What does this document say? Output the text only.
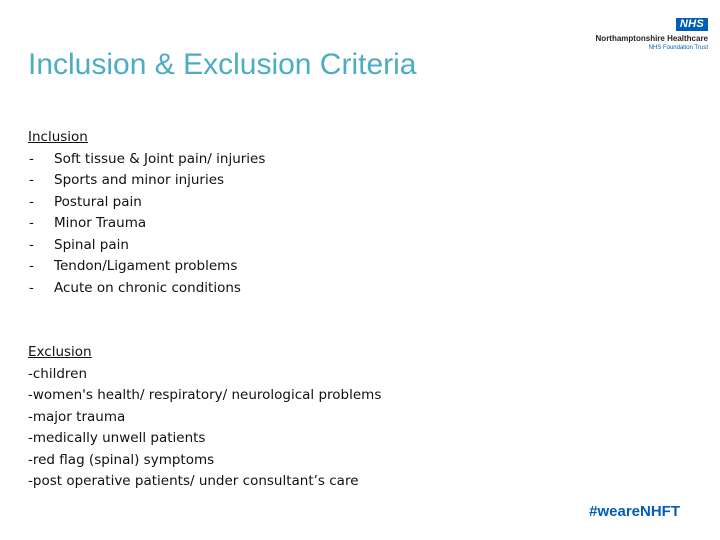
NHS
Northamptonshire Healthcare
NHS Foundation Trust
Inclusion & Exclusion Criteria
Inclusion
- Soft tissue & Joint pain/ injuries
- Sports and minor injuries
- Postural pain
- Minor Trauma
- Spinal pain
- Tendon/Ligament problems
- Acute on chronic conditions
Exclusion
-children
-women's health/ respiratory/ neurological problems
-major trauma
-medically unwell patients
-red flag (spinal) symptoms
-post operative patients/ under consultant’s care
#weareNHFT
